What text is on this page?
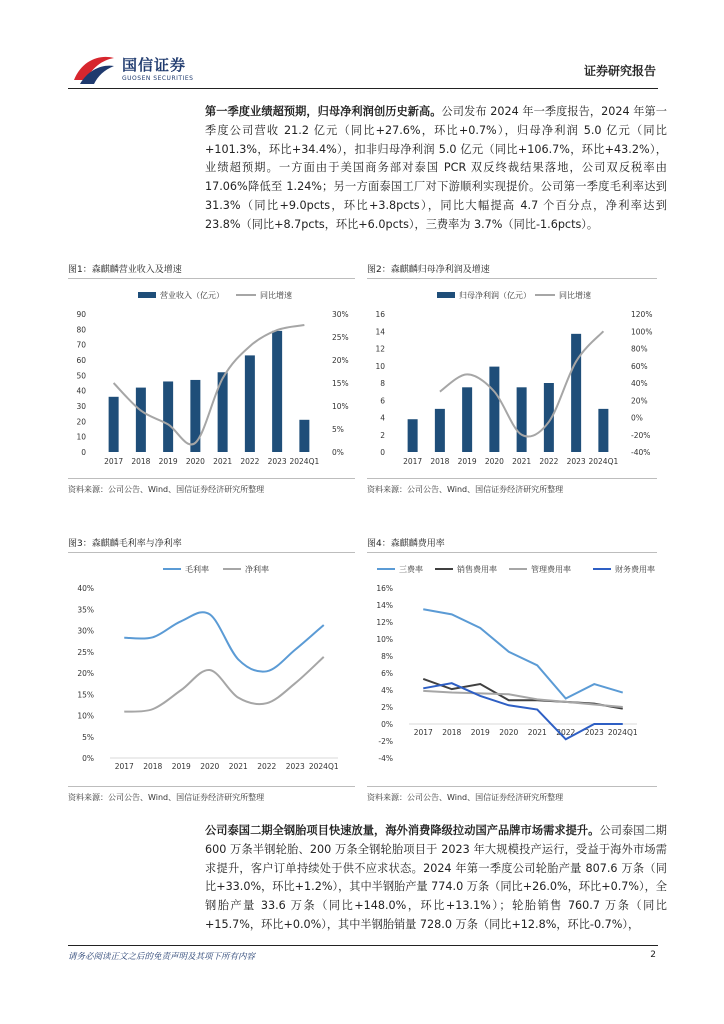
国信证券
GUOSEN SECURITIES
证券研究报告

第一季度业绩超预期，归母净利润创历史新高。公司发布 2024 年一季度报告，2024 年第一季度公司营收 21.2 亿元（同比+27.6%，环比+0.7%），归母净利润 5.0 亿元（同比+101.3%，环比+34.4%），扣非归母净利润 5.0 亿元（同比+106.7%，环比+43.2%），业绩超预期。一方面由于美国商务部对泰国 PCR 双反终裁结果落地，公司双反税率由 17.06%降低至 1.24%；另一方面泰国工厂对下游顺利实现提价。公司第一季度毛利率达到 31.3%（同比+9.0pcts，环比+3.8pcts），同比大幅提高 4.7 个百分点，净利率达到 23.8%（同比+8.7pcts，环比+6.0pcts），三费率为 3.7%（同比-1.6pcts）。

图1：森麒麟营业收入及增速
营业收入（亿元）	同比增速
0
10
20
30
40
50
60
70
80
90
0%
5%
10%
15%
20%
25%
30%
2017 2018 2019 2020 2021 2022 2023 2024Q1
资料来源：公司公告、Wind、国信证券经济研究所整理
图2：森麒麟归母净利润及增速
归母净利润（亿元）	同比增速
0
2
4
6
8
10
12
14
16
-40%
-20%
0%
20%
40%
60%
80%
100%
120%
2017 2018 2019 2020 2021 2022 2023 2024Q1
资料来源：公司公告、Wind、国信证券经济研究所整理
图3：森麒麟毛利率与净利率
毛利率	净利率
0%
5%
10%
15%
20%
25%
30%
35%
40%
2017 2018 2019 2020 2021 2022 2023 2024Q1
资料来源：公司公告、Wind、国信证券经济研究所整理
图4：森麒麟费用率
三费率	销售费用率	管理费用率	财务费用率
-4%
-2%
0%
2%
4%
6%
8%
10%
12%
14%
16%
2017 2018 2019 2020 2021 2022 2023 2024Q1
资料来源：公司公告、Wind、国信证券经济研究所整理

公司泰国二期全钢胎项目快速放量，海外消费降级拉动国产品牌市场需求提升。公司泰国二期 600 万条半钢轮胎、200 万条全钢轮胎项目于 2023 年大规模投产运行，受益于海外市场需求提升，客户订单持续处于供不应求状态。2024 年第一季度公司轮胎产量 807.6 万条（同比+33.0%，环比+1.2%），其中半钢胎产量 774.0 万条（同比+26.0%，环比+0.7%），全钢胎产量 33.6 万条（同比+148.0%，环比+13.1%）；轮胎销售 760.7 万条（同比+15.7%，环比+0.0%），其中半钢胎销量 728.0 万条（同比+12.8%，环比-0.7%），

请务必阅读正文之后的免责声明及其项下所有内容	2
